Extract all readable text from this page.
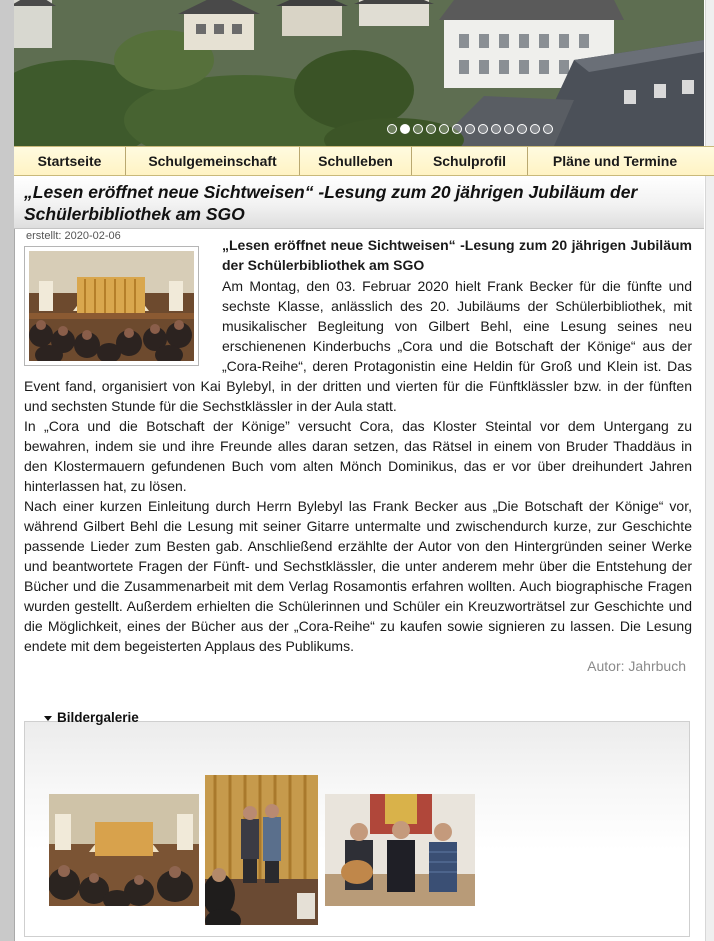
Startseite	Schulgemeinschaft	Schulleben	Schulprofil	Pläne und Termine
„Lesen eröffnet neue Sichtweisen“ -Lesung zum 20 jährigen Jubiläum der Schülerbibliothek am SGO
erstellt: 2020-02-06

„Lesen eröffnet neue Sichtweisen“ -Lesung zum 20 jährigen Jubiläum der Schülerbibliothek am SGO

Am Montag, den 03. Februar 2020 hielt Frank Becker für die fünfte und sechste Klasse, anlässlich des 20. Jubiläums der Schülerbibliothek, mit musikalischer Begleitung von Gilbert Behl, eine Lesung seines neu erschienenen Kinderbuchs „Cora und die Botschaft der Könige“ aus der „Cora-Reihe“, deren Protagonistin eine Heldin für Groß und Klein ist. Das Event fand, organisiert von Kai Bylebyl, in der dritten und vierten für die Fünftklässler bzw. in der fünften und sechsten Stunde für die Sechstklässler in der Aula statt.

In „Cora und die Botschaft der Könige” versucht Cora, das Kloster Steintal vor dem Untergang zu bewahren, indem sie und ihre Freunde alles daran setzen, das Rätsel in einem von Bruder Thaddäus in den Klostermauern gefundenen Buch vom alten Mönch Dominikus, das er vor über dreihundert Jahren hinterlassen hat, zu lösen.

Nach einer kurzen Einleitung durch Herrn Bylebyl las Frank Becker aus „Die Botschaft der Könige“ vor, während Gilbert Behl die Lesung mit seiner Gitarre untermalte und zwischendurch kurze, zur Geschichte passende Lieder zum Besten gab. Anschließend erzählte der Autor von den Hintergründen seiner Werke und beantwortete Fragen der Fünft- und Sechstklässler, die unter anderem mehr über die Entstehung der Bücher und die Zusammenarbeit mit dem Verlag Rosamontis erfahren wollten. Auch biographische Fragen wurden gestellt. Außerdem erhielten die Schülerinnen und Schüler ein Kreuzworträtsel zur Geschichte und die Möglichkeit, eines der Bücher aus der „Cora-Reihe“ zu kaufen sowie signieren zu lassen. Die Lesung endete mit dem begeisterten Applaus des Publikums.

Autor: Jahrbuch
Bildergalerie
